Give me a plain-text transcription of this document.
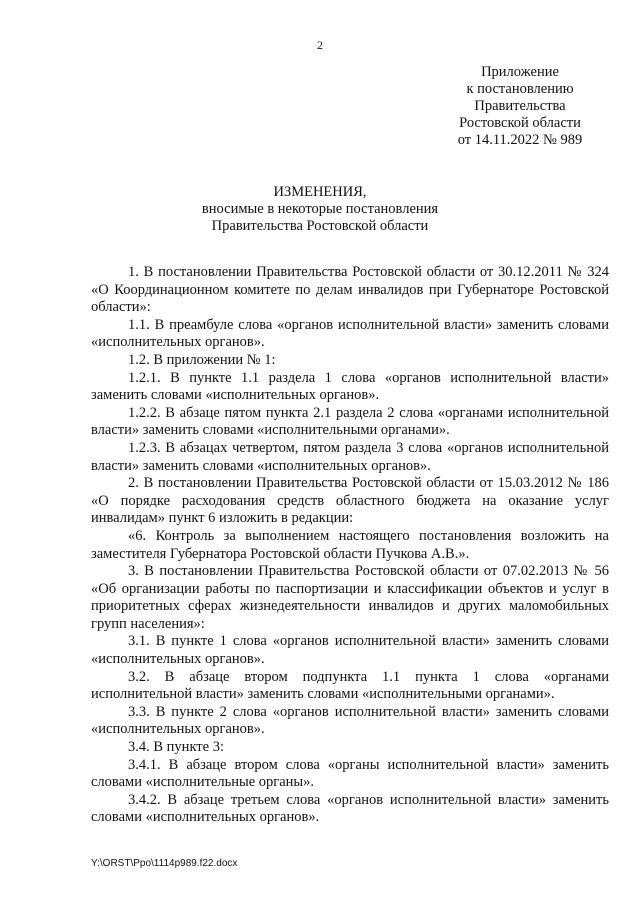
2
Приложение
к постановлению
Правительства
Ростовской области
от 14.11.2022 № 989
ИЗМЕНЕНИЯ,
вносимые в некоторые постановления
Правительства Ростовской области

1. В постановлении Правительства Ростовской области от 30.12.2011 № 324 «О Координационном комитете по делам инвалидов при Губернаторе Ростовской области»:

1.1. В преамбуле слова «органов исполнительной власти» заменить словами «исполнительных органов».

1.2. В приложении № 1:

1.2.1. В пункте 1.1 раздела 1 слова «органов исполнительной власти» заменить словами «исполнительных органов».

1.2.2. В абзаце пятом пункта 2.1 раздела 2 слова «органами исполнительной власти» заменить словами «исполнительными органами».

1.2.3. В абзацах четвертом, пятом раздела 3 слова «органов исполнительной власти» заменить словами «исполнительных органов».

2. В постановлении Правительства Ростовской области от 15.03.2012 № 186 «О порядке расходования средств областного бюджета на оказание услуг инвалидам» пункт 6 изложить в редакции:

«6. Контроль за выполнением настоящего постановления возложить на заместителя Губернатора Ростовской области Пучкова А.В.».

3. В постановлении Правительства Ростовской области от 07.02.2013 № 56 «Об организации работы по паспортизации и классификации объектов и услуг в приоритетных сферах жизнедеятельности инвалидов и других маломобильных групп населения»:

3.1. В пункте 1 слова «органов исполнительной власти» заменить словами «исполнительных органов».

3.2. В абзаце втором подпункта 1.1 пункта 1 слова «органами исполнительной власти» заменить словами «исполнительными органами».

3.3. В пункте 2 слова «органов исполнительной власти» заменить словами «исполнительных органов».

3.4. В пункте 3:

3.4.1. В абзаце втором слова «органы исполнительной власти» заменить словами «исполнительные органы».

3.4.2. В абзаце третьем слова «органов исполнительной власти» заменить словами «исполнительных органов».

Y:\ORST\Ppo\1114p989.f22.docx
